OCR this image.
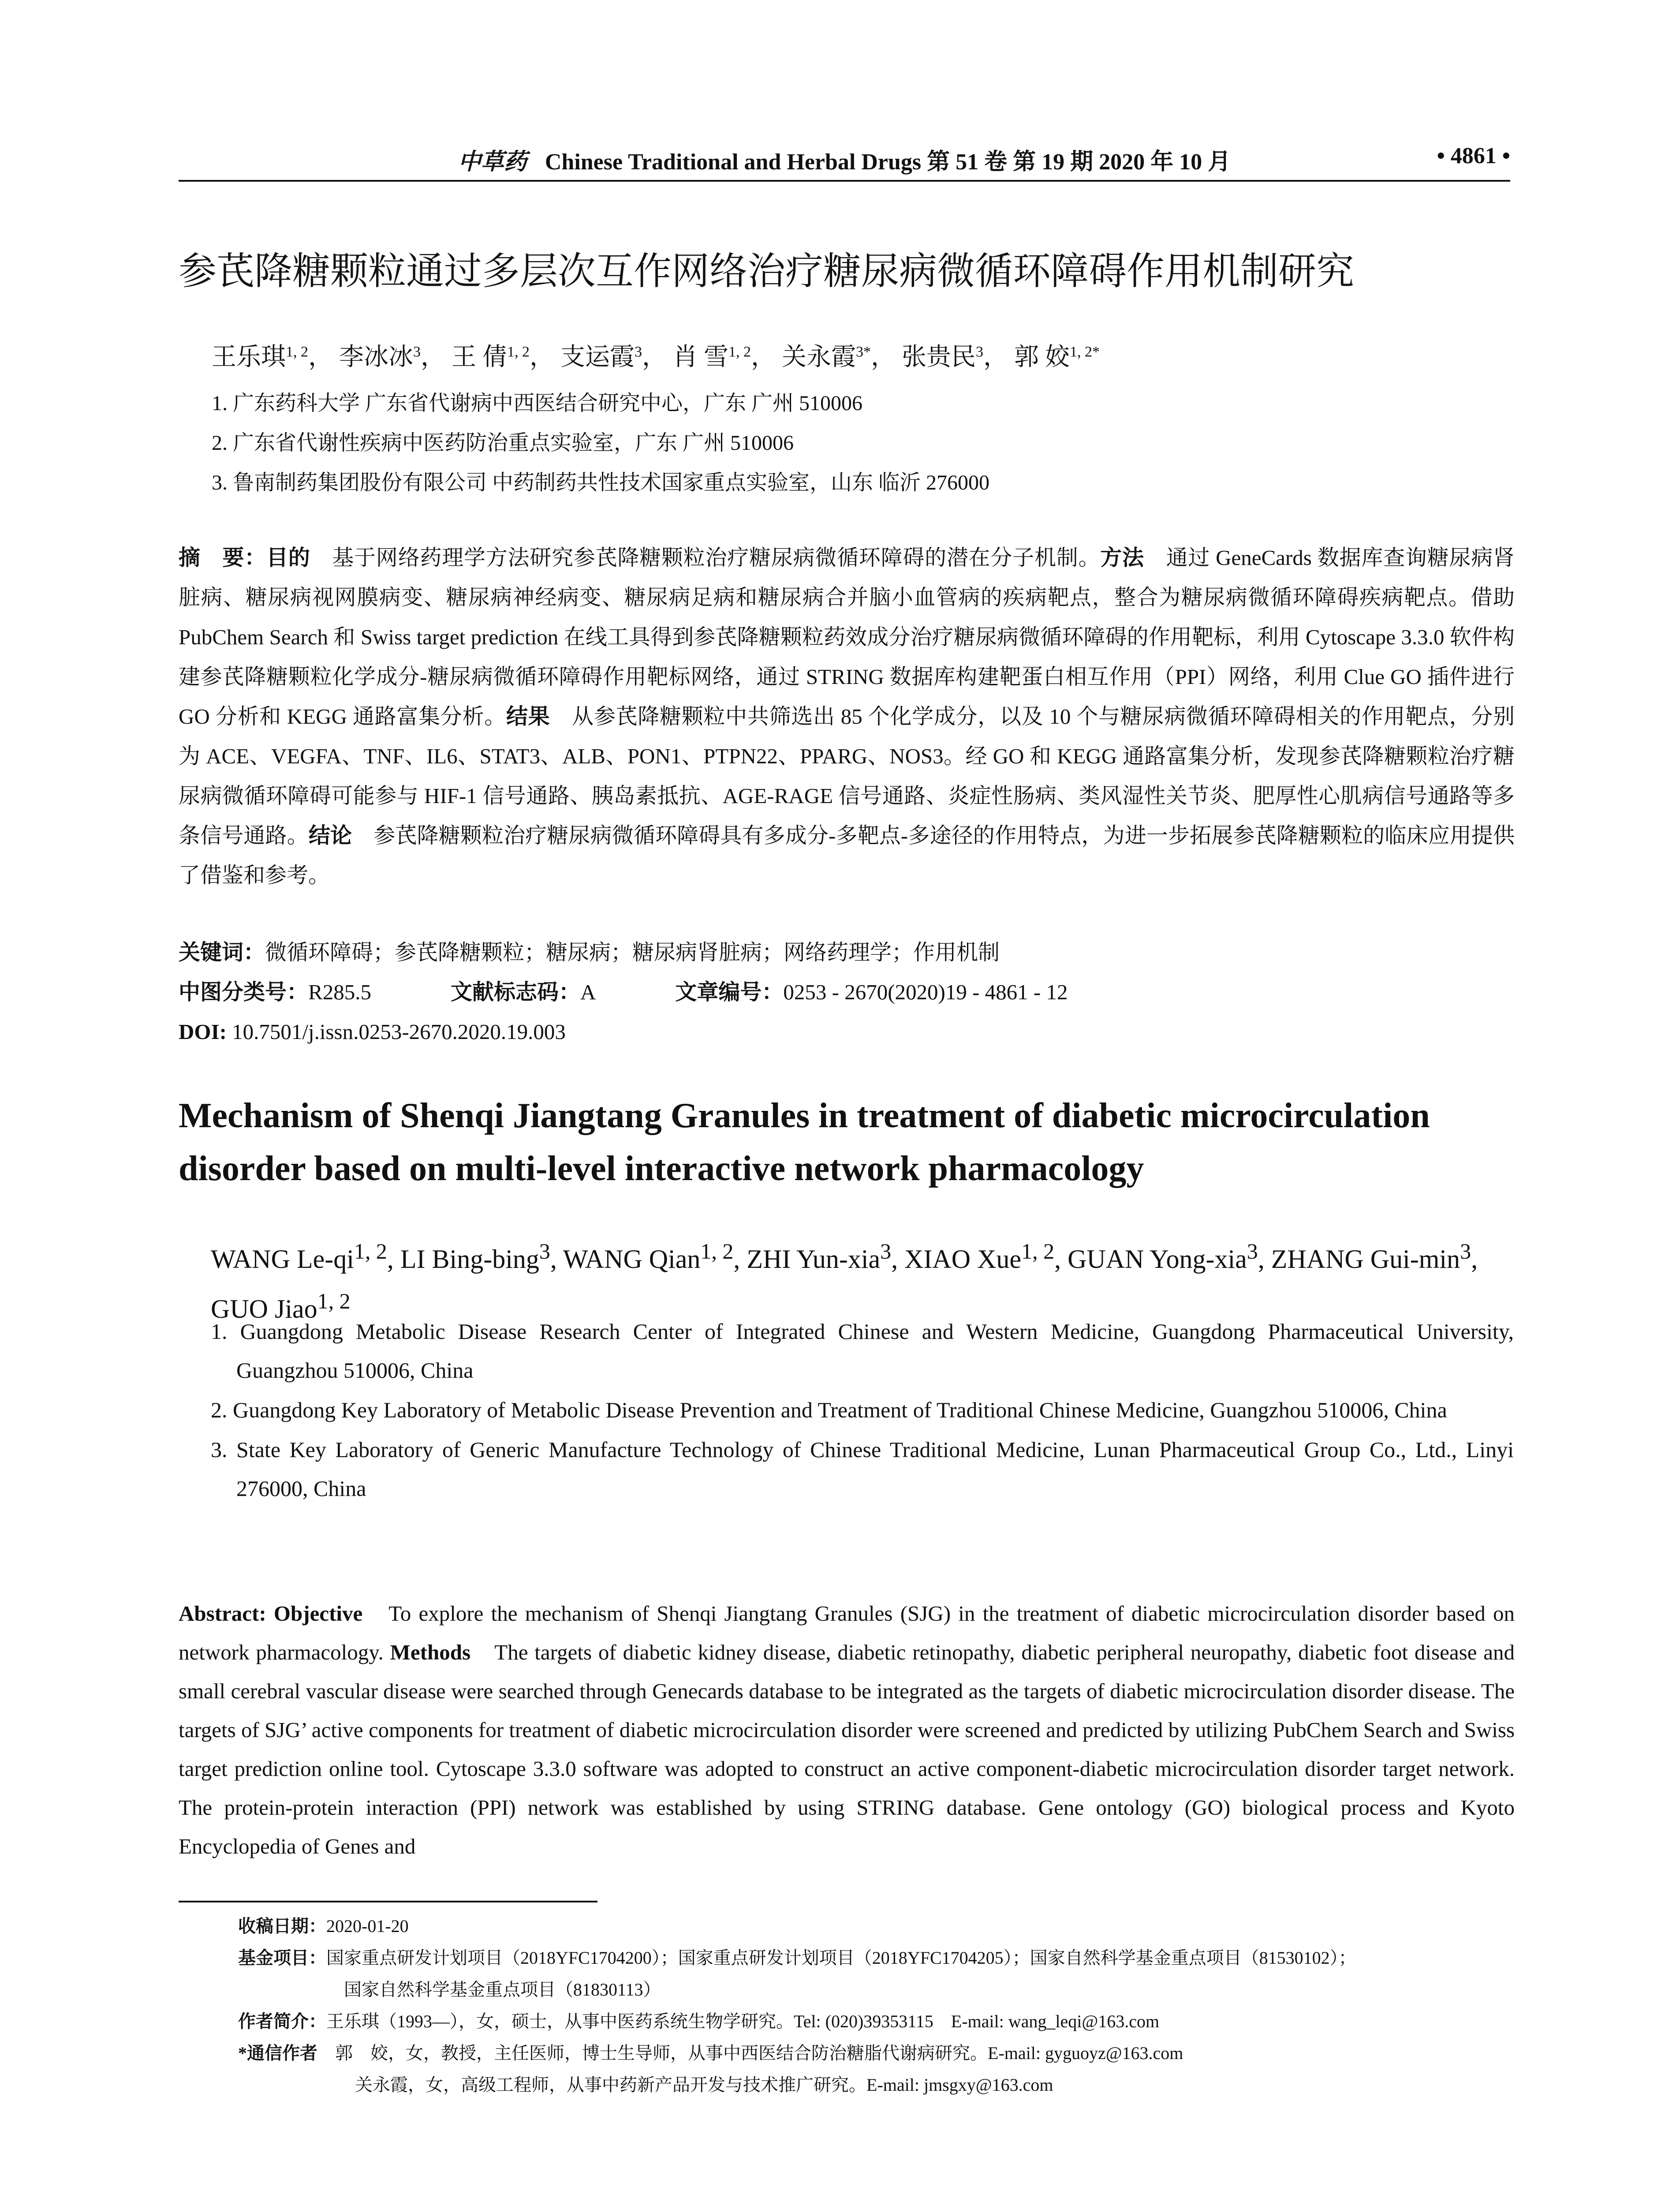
中草药 Chinese Traditional and Herbal Drugs 第 51 卷 第 19 期 2020 年 10 月	• 4861 •
参芪降糖颗粒通过多层次互作网络治疗糖尿病微循环障碍作用机制研究
王乐琪$^{1, 2}$， 李冰冰$^3$， 王 倩$^{1, 2}$， 支运霞$^3$， 肖 雪$^{1, 2}$， 关永霞$^{3*}$， 张贵民$^3$， 郭 姣$^{1, 2*}$
1. 广东药科大学 广东省代谢病中西医结合研究中心，广东 广州 510006
2. 广东省代谢性疾病中医药防治重点实验室，广东 广州 510006
3. 鲁南制药集团股份有限公司 中药制药共性技术国家重点实验室，山东 临沂 276000
摘　要：目的　基于网络药理学方法研究参芪降糖颗粒治疗糖尿病微循环障碍的潜在分子机制。方法　通过 GeneCards 数据库查询糖尿病肾脏病、糖尿病视网膜病变、糖尿病神经病变、糖尿病足病和糖尿病合并脑小血管病的疾病靶点，整合为糖尿病微循环障碍疾病靶点。借助 PubChem Search 和 Swiss target prediction 在线工具得到参芪降糖颗粒药效成分治疗糖尿病微循环障碍的作用靶标，利用 Cytoscape 3.3.0 软件构建参芪降糖颗粒化学成分-糖尿病微循环障碍作用靶标网络，通过 STRING 数据库构建靶蛋白相互作用（PPI）网络，利用 Clue GO 插件进行 GO 分析和 KEGG 通路富集分析。结果　从参芪降糖颗粒中共筛选出 85 个化学成分，以及 10 个与糖尿病微循环障碍相关的作用靶点，分别为 ACE、VEGFA、TNF、IL6、STAT3、ALB、PON1、PTPN22、PPARG、NOS3。经 GO 和 KEGG 通路富集分析，发现参芪降糖颗粒治疗糖尿病微循环障碍可能参与 HIF-1 信号通路、胰岛素抵抗、AGE-RAGE 信号通路、炎症性肠病、类风湿性关节炎、肥厚性心肌病信号通路等多条信号通路。结论　参芪降糖颗粒治疗糖尿病微循环障碍具有多成分-多靶点-多途径的作用特点，为进一步拓展参芪降糖颗粒的临床应用提供了借鉴和参考。
关键词：微循环障碍；参芪降糖颗粒；糖尿病；糖尿病肾脏病；网络药理学；作用机制
中图分类号：R285.5	文献标志码：A	文章编号：0253 - 2670(2020)19 - 4861 - 12
DOI: 10.7501/j.issn.0253-2670.2020.19.003
Mechanism of Shenqi Jiangtang Granules in treatment of diabetic microcirculation disorder based on multi-level interactive network pharmacology
WANG Le-qi$^{1, 2}$, LI Bing-bing$^3$, WANG Qian$^{1, 2}$, ZHI Yun-xia$^3$, XIAO Xue$^{1, 2}$, GUAN Yong-xia$^3$, ZHANG Gui-$\min^3$, GUO Jiao$^{1, 2}$
1. Guangdong Metabolic Disease Research Center of Integrated Chinese and Western Medicine, Guangdong Pharmaceutical University, Guangzhou 510006, China
2. Guangdong Key Laboratory of Metabolic Disease Prevention and Treatment of Traditional Chinese Medicine, Guangzhou 510006, China
3. State Key Laboratory of Generic Manufacture Technology of Chinese Traditional Medicine, Lunan Pharmaceutical Group Co., Ltd., Linyi 276000, China
Abstract: Objective　To explore the mechanism of Shenqi Jiangtang Granules (SJG) in the treatment of diabetic microcirculation disorder based on network pharmacology. Methods　The targets of diabetic kidney disease, diabetic retinopathy, diabetic peripheral neuropathy, diabetic foot disease and small cerebral vascular disease were searched through Genecards database to be integrated as the targets of diabetic microcirculation disorder disease. The targets of SJG’ active components for treatment of diabetic microcirculation disorder were screened and predicted by utilizing PubChem Search and Swiss target prediction online tool. Cytoscape 3.3.0 software was adopted to construct an active component-diabetic microcirculation disorder target network. The protein-protein interaction (PPI) network was established by using STRING database. Gene ontology (GO) biological process and Kyoto Encyclopedia of Genes and
收稿日期：2020-01-20
基金项目：国家重点研发计划项目（2018YFC1704200）；国家重点研发计划项目（2018YFC1704205）；国家自然科学基金重点项目（81530102）；
国家自然科学基金重点项目（81830113）
作者简介：王乐琪（1993—），女，硕士，从事中医药系统生物学研究。Tel: (020)39353115　E-mail: wang_leqi@163.com
*通信作者　郭　姣，女，教授，主任医师，博士生导师，从事中西医结合防治糖脂代谢病研究。E-mail: gyguoyz@163.com
关永霞，女，高级工程师，从事中药新产品开发与技术推广研究。E-mail: jmsgxy@163.com
